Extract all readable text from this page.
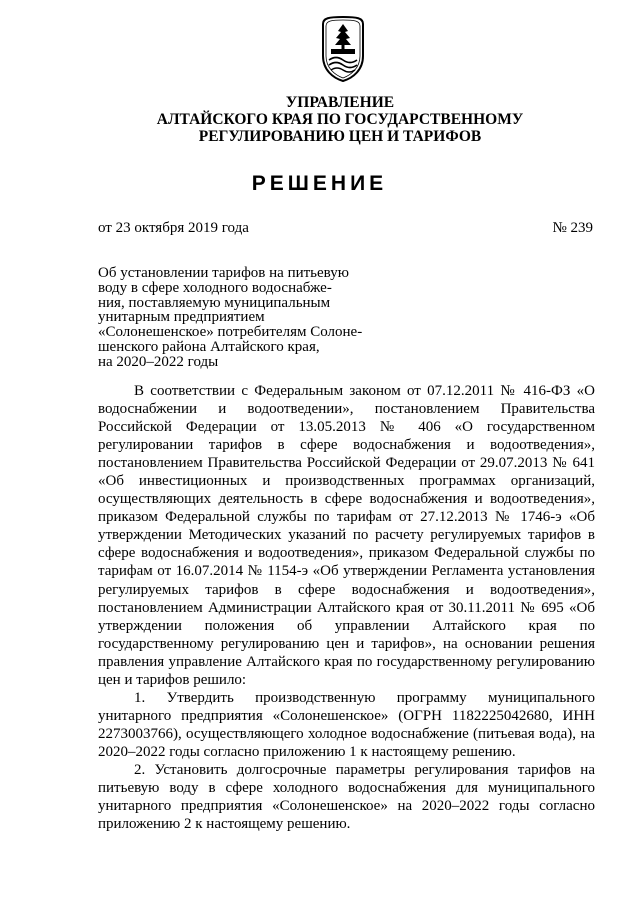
УПРАВЛЕНИЕ
АЛТАЙСКОГО КРАЯ ПО ГОСУДАРСТВЕННОМУ
РЕГУЛИРОВАНИЮ ЦЕН И ТАРИФОВ
РЕШЕНИЕ
от 23 октября 2019 года	№ 239
Об установлении тарифов на питьевую
воду в сфере холодного водоснабже-
ния, поставляемую муниципальным
унитарным предприятием
«Солонешенское» потребителям Солоне-
шенского района Алтайского края,
на 2020–2022 годы

В соответствии с Федеральным законом от 07.12.2011 № 416-ФЗ «О водоснабжении и водоотведении», постановлением Правительства Российской Федерации от 13.05.2013 № 406 «О государственном регулировании тарифов в сфере водоснабжения и водоотведения», постановлением Правительства Российской Федерации от 29.07.2013 № 641 «Об инвестиционных и производственных программах организаций, осуществляющих деятельность в сфере водоснабжения и водоотведения», приказом Федеральной службы по тарифам от 27.12.2013 № 1746-э «Об утверждении Методических указаний по расчету регулируемых тарифов в сфере водоснабжения и водоотведения», приказом Федеральной службы по тарифам от 16.07.2014 № 1154-э «Об утверждении Регламента установления регулируемых тарифов в сфере водоснабжения и водоотведения», постановлением Администрации Алтайского края от 30.11.2011 № 695 «Об утверждении положения об управлении Алтайского края по государственному регулированию цен и тарифов», на основании решения правления управление Алтайского края по государственному регулированию цен и тарифов решило:

1. Утвердить производственную программу муниципального унитарного предприятия «Солонешенское» (ОГРН 1182225042680, ИНН 2273003766), осуществляющего холодное водоснабжение (питьевая вода), на 2020–2022 годы согласно приложению 1 к настоящему решению.

2. Установить долгосрочные параметры регулирования тарифов на питьевую воду в сфере холодного водоснабжения для муниципального унитарного предприятия «Солонешенское» на 2020–2022 годы согласно приложению 2 к настоящему решению.
